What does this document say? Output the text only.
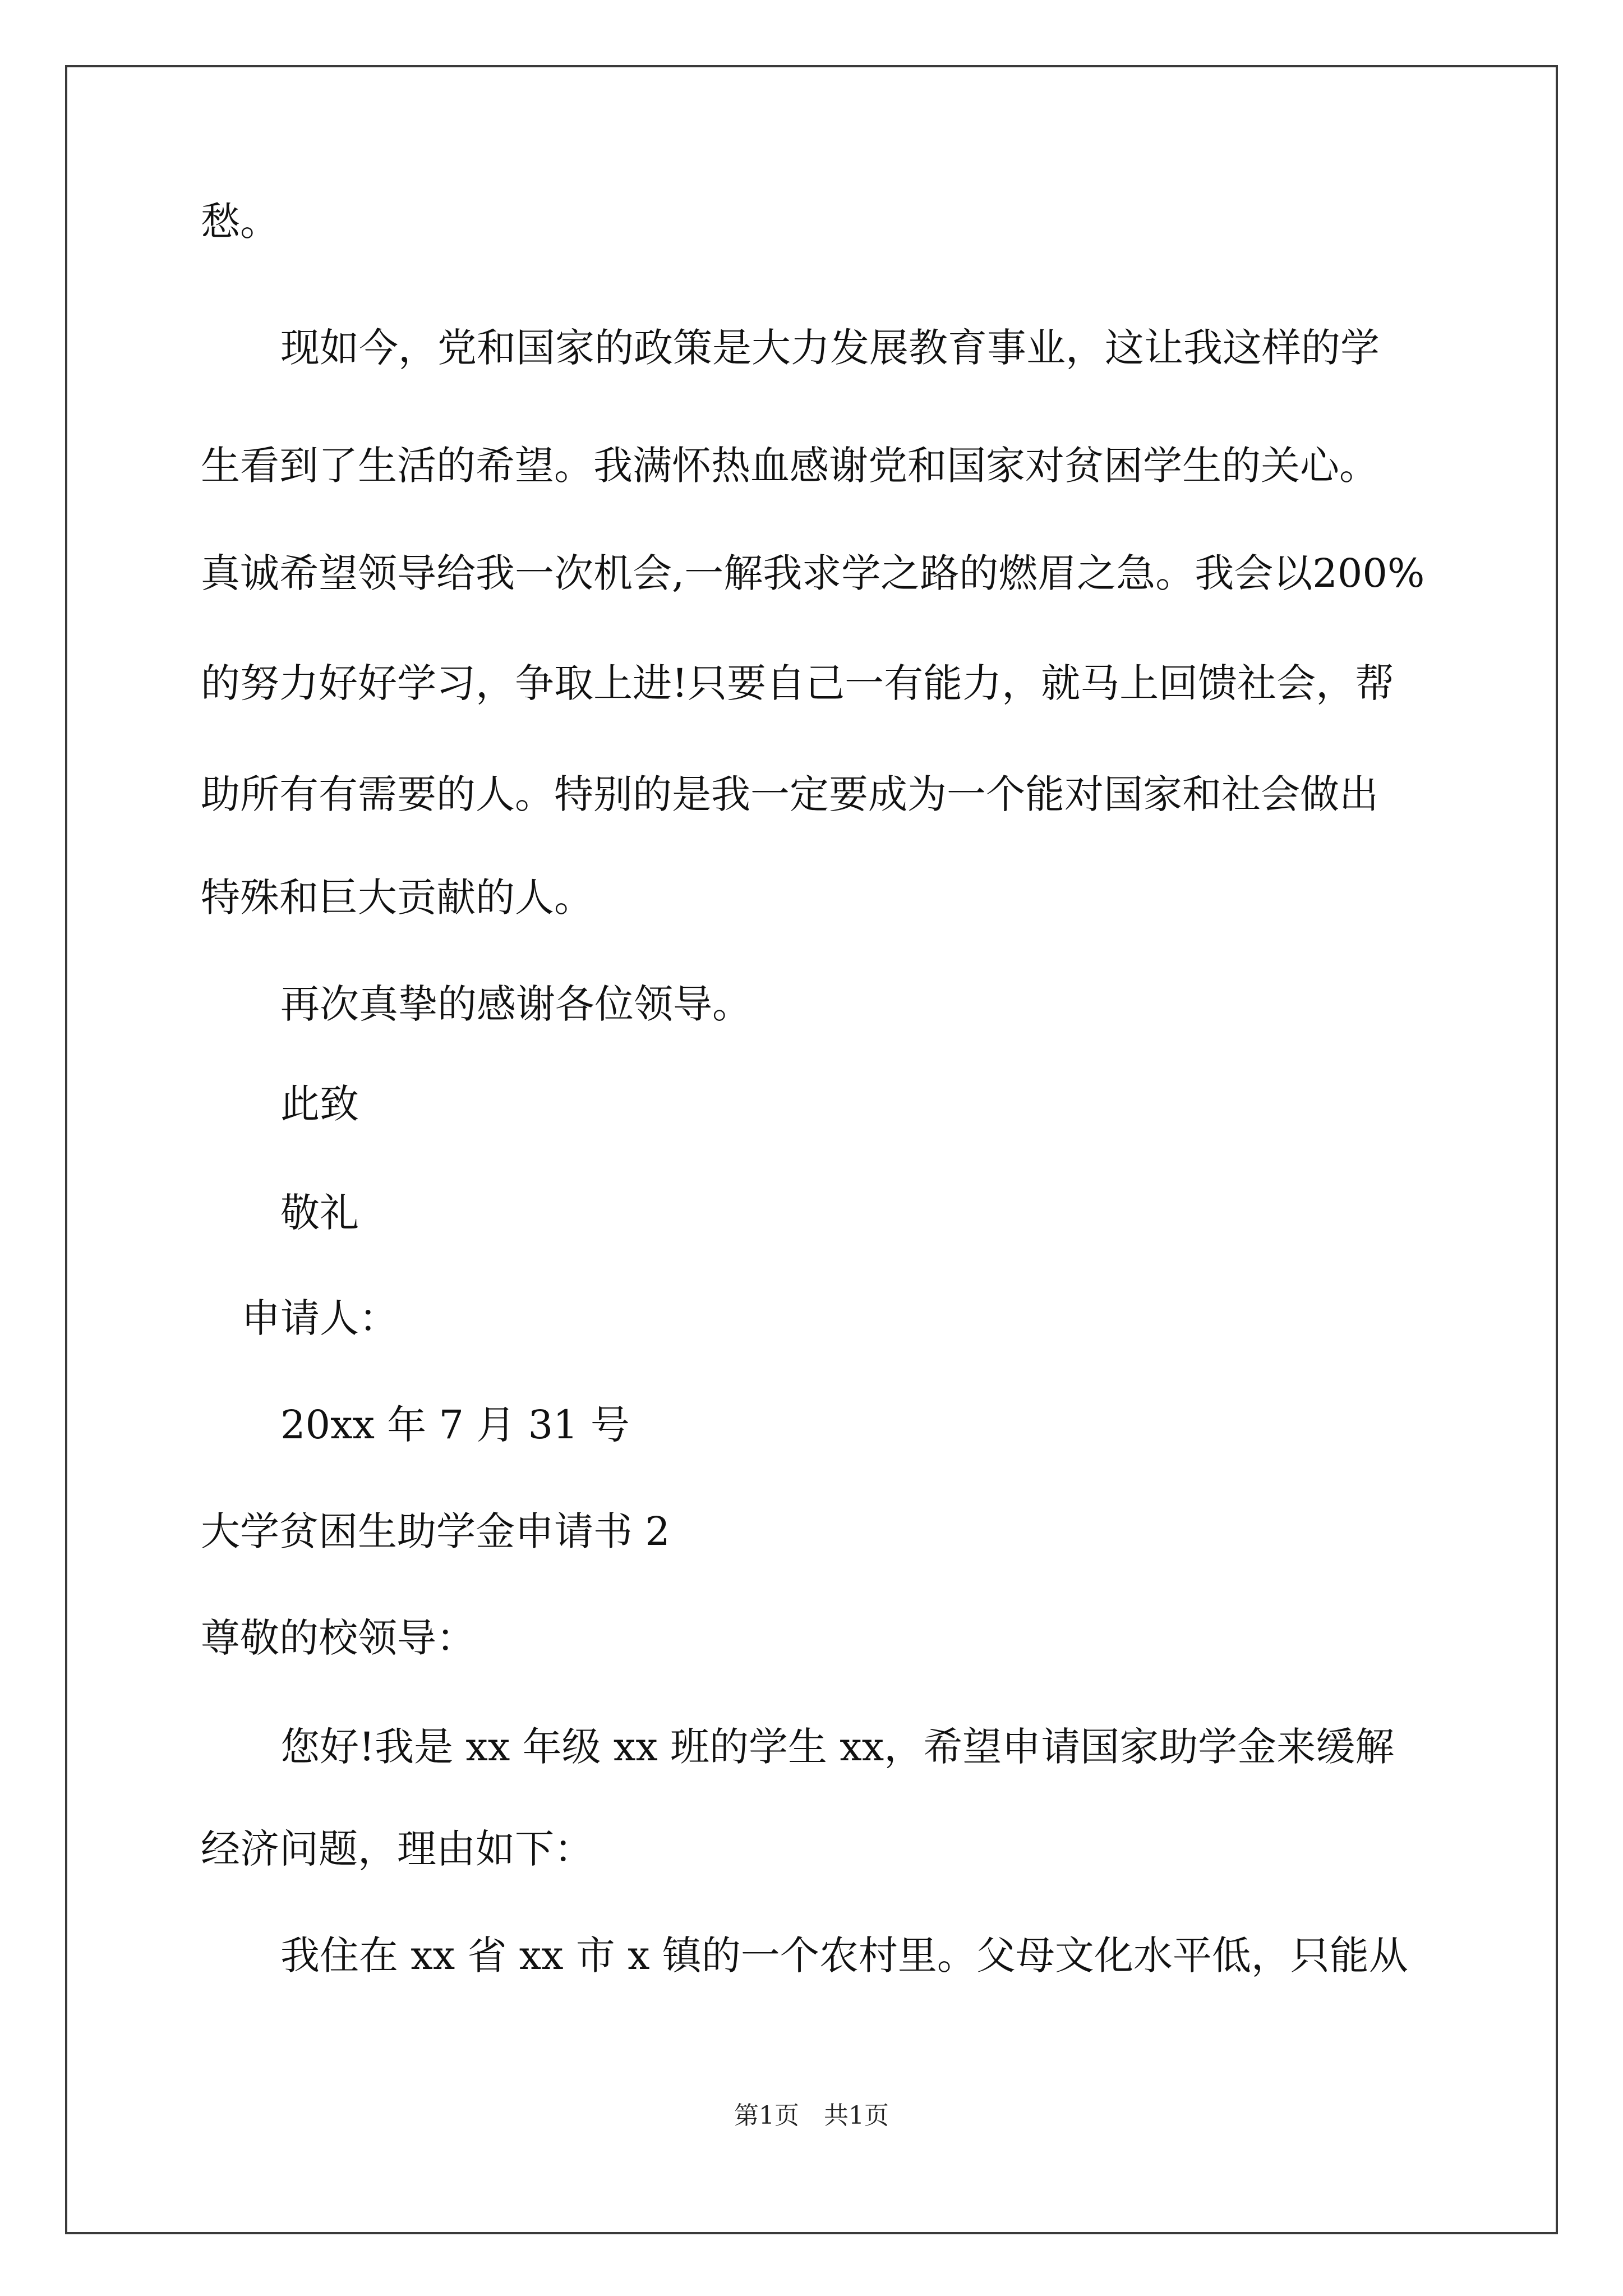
愁。
现如今，党和国家的政策是大力发展教育事业，这让我这样的学
生看到了生活的希望。我满怀热血感谢党和国家对贫困学生的关心。
真诚希望领导给我一次机会,一解我求学之路的燃眉之急。我会以200%
的努力好好学习，争取上进!只要自己一有能力，就马上回馈社会，帮
助所有有需要的人。特别的是我一定要成为一个能对国家和社会做出
特殊和巨大贡献的人。
再次真挚的感谢各位领导。
此致
敬礼
申请人：
20xx 年 7 月 31 号
大学贫困生助学金申请书 2
尊敬的校领导：
您好!我是 xx 年级 xx 班的学生 xx，希望申请国家助学金来缓解
经济问题，理由如下：
我住在 xx 省 xx 市 x 镇的一个农村里。父母文化水平低，只能从
第1页　共1页
